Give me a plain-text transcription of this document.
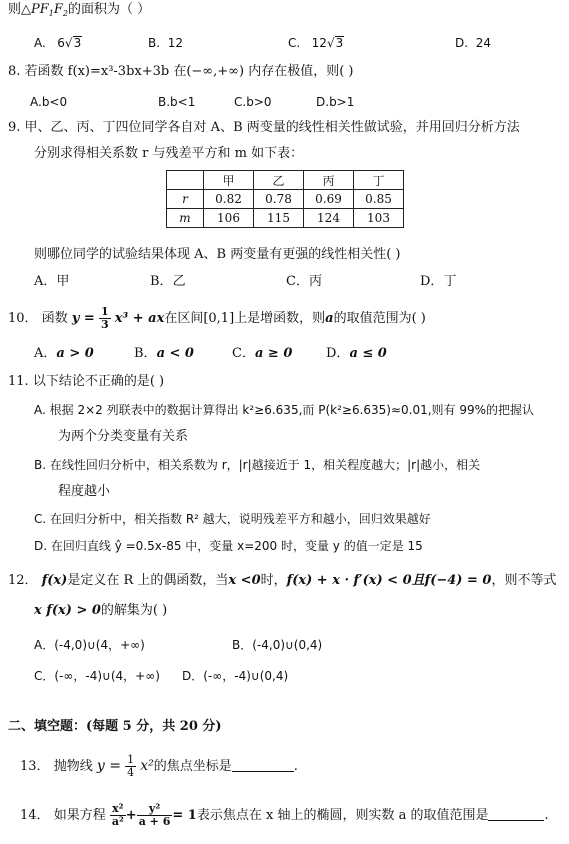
则$\triangle PF_1F_2$的面积为（ ）
A. 6√3	B. 12	C. 12√3	D. 24
8. 若函数 f(x)=x³-3bx+3b 在(−∞,+∞) 内存在极值，则( )
A.b<0	B.b<1	C.b>0	D.b>1
9. 甲、乙、丙、丁四位同学各自对 A、B 两变量的线性相关性做试验，并用回归分析方法
分别求得相关系数 r 与残差平方和 m 如下表：
	甲	乙	丙	丁
r	0.82	0.78	0.69	0.85
m	106	115	124	103
则哪位同学的试验结果体现 A、B 两变量有更强的线性相关性( )
A．甲	B．乙	C．丙	D．丁
10． 函数 $y = \frac{1}{3} x^3$ + ax在区间[0,1]上是增函数，则a的取值范围为( )
A．a > 0	B．a < 0	C．a ≥ 0	D．a ≤ 0
11. 以下结论不正确的是( )
A. 根据 2×2 列联表中的数据计算得出 k²≥6.635,而 P(k²≥6.635)≈0.01,则有 99%的把握认
为两个分类变量有关系
B. 在线性回归分析中，相关系数为 r，|r|越接近于 1，相关程度越大；|r|越小，相关
程度越小
C. 在回归分析中，相关指数 R² 越大，说明残差平方和越小，回归效果越好
D. 在回归直线 ŷ =0.5x-85 中，变量 x=200 时，变量 y 的值一定是 15
12． f(x)是定义在 R 上的偶函数，当x <0时，f(x) + x · f′(x) < 0且f(−4) = 0，则不等式
x f(x) > 0的解集为( )
A．(-4,0)∪(4，+∞)	B．(-4,0)∪(0,4)
C．(-∞，-4)∪(4，+∞) D．(-∞，-4)∪(0,4)
二、填空题：(每题 5 分，共 20 分)
13． 抛物线 $y = \frac{1}{4} x^2$的焦点坐标是	.
14． 如果方程 $\frac{\text{x²}}{\text{a²}} + \frac{\text{y²}}{a + 6} = 1$表示焦点在 x 轴上的椭圆，则实数 a 的取值范围是	.
